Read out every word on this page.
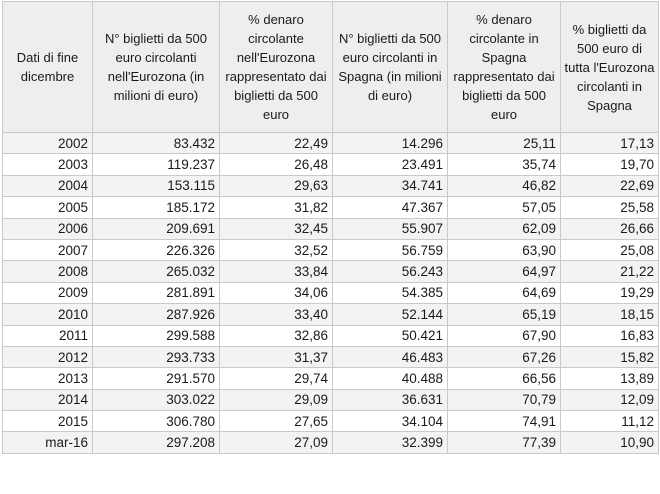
Dati di fine dicembre	N° biglietti da 500 euro circolanti nell'Eurozona (in milioni di euro)	% denaro circolante nell'Eurozona rappresentato dai biglietti da 500 euro	N° biglietti da 500 euro circolanti in Spagna (in milioni di euro)	% denaro circolante in Spagna rappresentato dai biglietti da 500 euro	% biglietti da 500 euro di tutta l'Eurozona circolanti in Spagna
2002	83.432	22,49	14.296	25,11	17,13
2003	119.237	26,48	23.491	35,74	19,70
2004	153.115	29,63	34.741	46,82	22,69
2005	185.172	31,82	47.367	57,05	25,58
2006	209.691	32,45	55.907	62,09	26,66
2007	226.326	32,52	56.759	63,90	25,08
2008	265.032	33,84	56.243	64,97	21,22
2009	281.891	34,06	54.385	64,69	19,29
2010	287.926	33,40	52.144	65,19	18,15
2011	299.588	32,86	50.421	67,90	16,83
2012	293.733	31,37	46.483	67,26	15,82
2013	291.570	29,74	40.488	66,56	13,89
2014	303.022	29,09	36.631	70,79	12,09
2015	306.780	27,65	34.104	74,91	11,12
mar-16	297.208	27,09	32.399	77,39	10,90
